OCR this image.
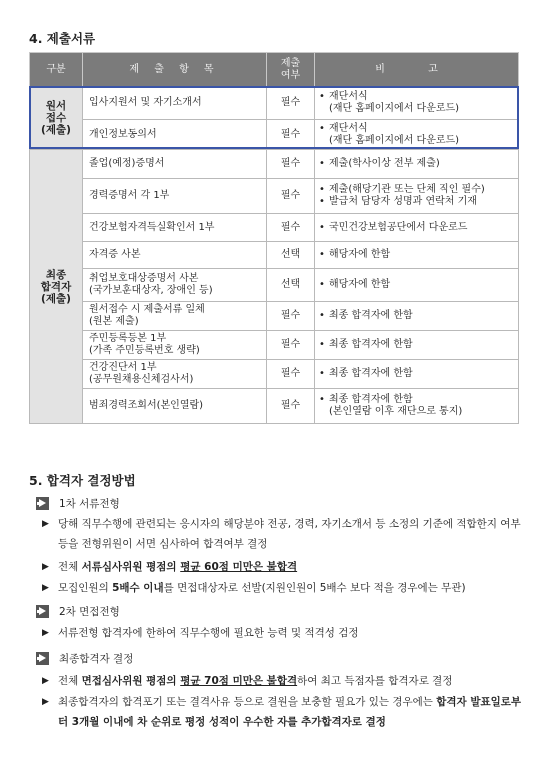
4. 제출서류
구분	제 출 항 목	제출
여부	비 고
원서
접수
(제출)	입사지원서 및 자기소개서	필수	• 재단서식
(재단 홈페이지에서 다운로드)

	개인정보동의서	필수	• 재단서식
(재단 홈페이지에서 다운로드)

최종
합격자
(제출)	졸업(예정)증명서	필수	• 제출(학사이상 전부 제출)

	경력증명서 각 1부	필수	• 제출(해당기관 또는 단체 직인 필수)
• 발급처 담당자 성명과 연락처 기재

	건강보험자격득실확인서 1부	필수	• 국민건강보험공단에서 다운로드

	자격증 사본	선택	• 해당자에 한함

	취업보호대상증명서 사본
(국가보훈대상자, 장애인 등)	선택	• 해당자에 한함

	원서접수 시 제출서류 일체
(원본 제출)	필수	• 최종 합격자에 한함

	주민등록등본 1부
(가족 주민등록번호 생략)	필수	• 최종 합격자에 한함

	건강진단서 1부
(공무원채용신체검사서)	필수	• 최종 합격자에 한함

	범죄경력조회서(본인열람)	필수	• 최종 합격자에 한함
(본인열람 이후 재단으로 통지)
5. 합격자 결정방법
1차 서류전형
▶ 당해 직무수행에 관련되는 응시자의 해당분야 전공, 경력, 자기소개서 등 소정의 기준에 적합한지 여부 등을 전형위원이 서면 심사하여 합격여부 결정
▶ 전체 서류심사위원 평점의 평균 60점 미만은 불합격
▶ 모집인원의 5배수 이내를 면접대상자로 선발(지원인원이 5배수 보다 적을 경우에는 무관)
2차 면접전형
▶ 서류전형 합격자에 한하여 직무수행에 필요한 능력 및 적격성 검정
최종합격자 결정
▶ 전체 면접심사위원 평점의 평균 70점 미만은 불합격하여 최고 득점자를 합격자로 결정
▶ 최종합격자의 합격포기 또는 결격사유 등으로 결원을 보충할 필요가 있는 경우에는 합격자 발표일로부터 3개월 이내에 차 순위로 평정 성적이 우수한 자를 추가합격자로 결정
